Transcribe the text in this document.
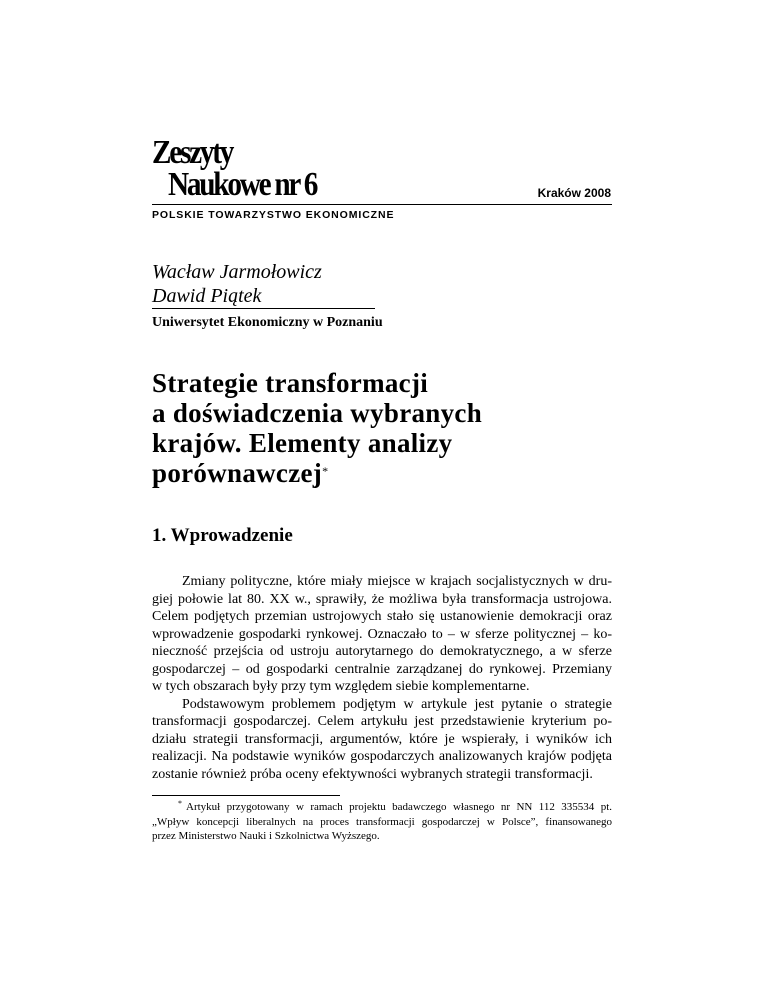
Zeszyty
Naukowe nr 6	Kraków 2008
POLSKIE TOWARZYSTWO EKONOMICZNE
Wacław Jarmołowicz
Dawid Piątek
Uniwersytet Ekonomiczny w Poznaniu
Strategie transformacji
a doświadczenia wybranych
krajów. Elementy analizy
porównawczej*
1. Wprowadzenie
Zmiany polityczne, które miały miejsce w krajach socjalistycznych w dru-
giej połowie lat 80. XX w., sprawiły, że możliwa była transformacja ustrojowa.
Celem podjętych przemian ustrojowych stało się ustanowienie demokracji oraz
wprowadzenie gospodarki rynkowej. Oznaczało to – w sferze politycznej – ko-
nieczność przejścia od ustroju autorytarnego do demokratycznego, a w sferze
gospodarczej – od gospodarki centralnie zarządzanej do rynkowej. Przemiany
w tych obszarach były przy tym względem siebie komplementarne.
Podstawowym problemem podjętym w artykule jest pytanie o strategie
transformacji gospodarczej. Celem artykułu jest przedstawienie kryterium po-
działu strategii transformacji, argumentów, które je wspierały, i wyników ich
realizacji. Na podstawie wyników gospodarczych analizowanych krajów podjęta
zostanie również próba oceny efektywności wybranych strategii transformacji.
* Artykuł przygotowany w ramach projektu badawczego własnego nr NN 112 335534 pt.
„Wpływ koncepcji liberalnych na proces transformacji gospodarczej w Polsce”, finansowanego
przez Ministerstwo Nauki i Szkolnictwa Wyższego.
